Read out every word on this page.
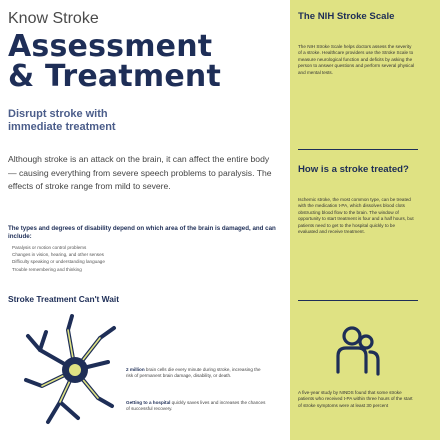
Know Stroke
Assessment
& Treatment
Disrupt stroke with
immediate treatment
Although stroke is an attack on the brain, it can affect the entire body — causing everything from severe speech problems to paralysis. The effects of stroke range from mild to severe.
The types and degrees of disability depend on which area of the brain is damaged, and can include:
Paralysis or motion control problems
Changes in vision, hearing, and other senses
Difficulty speaking or understanding language
Trouble remembering and thinking
Stroke Treatment Can't Wait
2 million brain cells die every minute during stroke, increasing the risk of permanent brain damage, disability, or death.
Getting to a hospital quickly saves lives and increases the chances of successful recovery.
The NIH Stroke Scale
The NIH Stroke Scale helps doctors assess the severity of a stroke. Healthcare providers use the Stroke Scale to measure neurological function and deficits by asking the person to answer questions and perform several physical and mental tests.
How is a stroke treated?
Ischemic stroke, the most common type, can be treated with the medication t-PA, which dissolves blood clots obstructing blood flow to the brain. The window of opportunity to start treatment is four and a half hours, but patients need to get to the hospital quickly to be evaluated and receive treatment.
A five-year study by NINDS found that some stroke patients who received t-PA within three hours of the start of stroke symptoms were at least 30 percent
